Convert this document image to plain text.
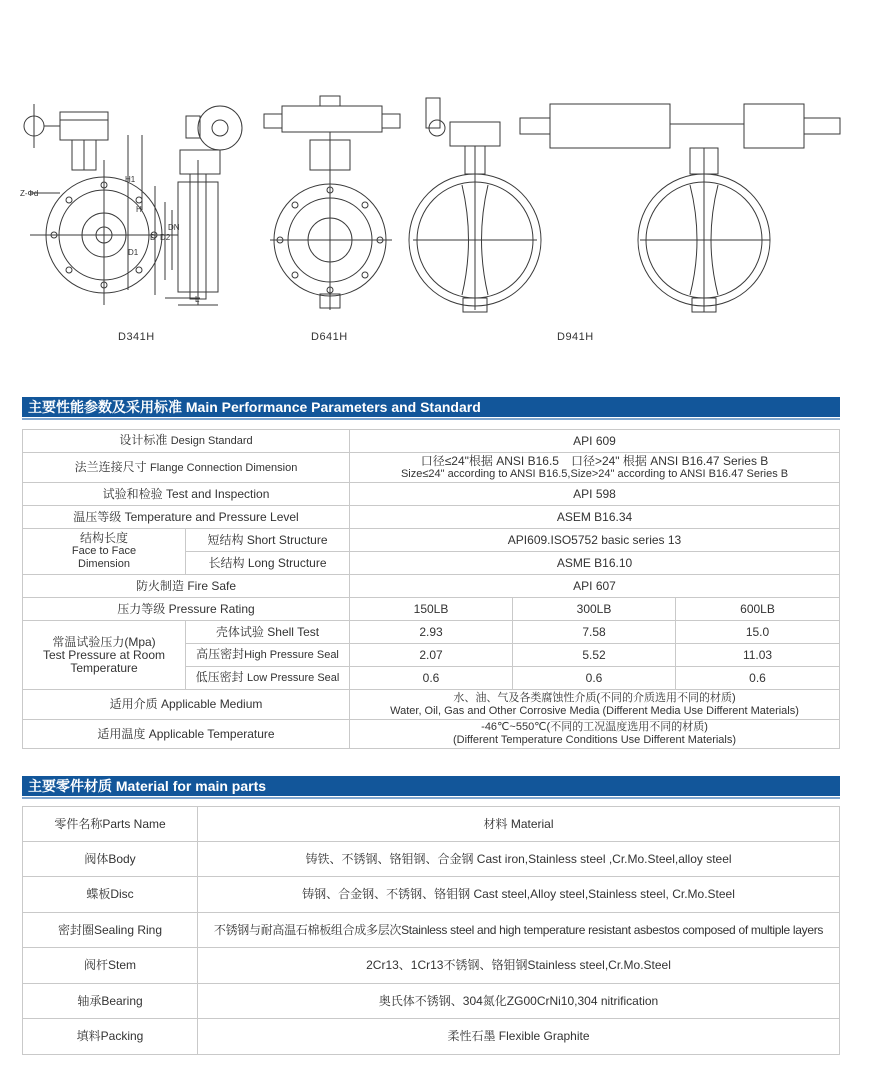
Z-Φd
H1
H
D D2
DN
D1
L
D341H	D641H	D941H
主要性能参数及采用标准 Main Performance Parameters and Standard
设计标准 Design Standard		API 609		
法兰连接尺寸 Flange Connection Dimension		口径≤24"根据 ANSI B16.5　口径>24" 根据 ANSI B16.47 Series B
Size≤24" according to ANSI B16.5,Size>24" according to ANSI B16.47 Series B		

试验和检验 Test and Inspection		API 598		
温压等级 Temperature and Pressure Level		ASEM B16.34		

结构长度
Face to Face
Dimension	短结构 Short Structure	API609.ISO5752 basic series 13		
	长结构 Long Structure	ASME B16.10		
防火制造 Fire Safe		API 607		
压力等级 Pressure Rating		150LB	300LB	600LB

常温试验压力(Mpa)
Test Pressure at Room
Temperature	壳体试验 Shell Test	2.93	7.58	15.0
	高压密封High Pressure Seal	2.07	5.52	11.03
	低压密封 Low Pressure Seal	0.6	0.6	0.6
适用介质 Applicable Medium		水、油、气及各类腐蚀性介质(不同的介质选用不同的材质)
Water, Oil, Gas and Other Corrosive Media (Different Media Use Different Materials)		

适用温度 Applicable Temperature		-46℃~550℃(不同的工况温度选用不同的材质)
(Different Temperature Conditions Use Different Materials)		
主要零件材质 Material for main parts
零件名称Parts Name	材料 Material
阀体Body	铸铁、不锈钢、铬钼钢、合金钢 Cast iron,Stainless steel ,Cr.Mo.Steel,alloy steel
蝶板Disc	铸钢、合金钢、不锈钢、铬钼钢 Cast steel,Alloy steel,Stainless steel, Cr.Mo.Steel
密封圈Sealing Ring	不锈钢与耐高温石棉板组合成多层次Stainless steel and high temperature resistant asbestos composed of multiple layers
阀杆Stem	2Cr13、1Cr13不锈钢、铬钼钢Stainless steel,Cr.Mo.Steel
轴承Bearing	奥氏体不锈钢、304氮化ZG00CrNi10,304 nitrification
填料Packing	柔性石墨 Flexible Graphite
